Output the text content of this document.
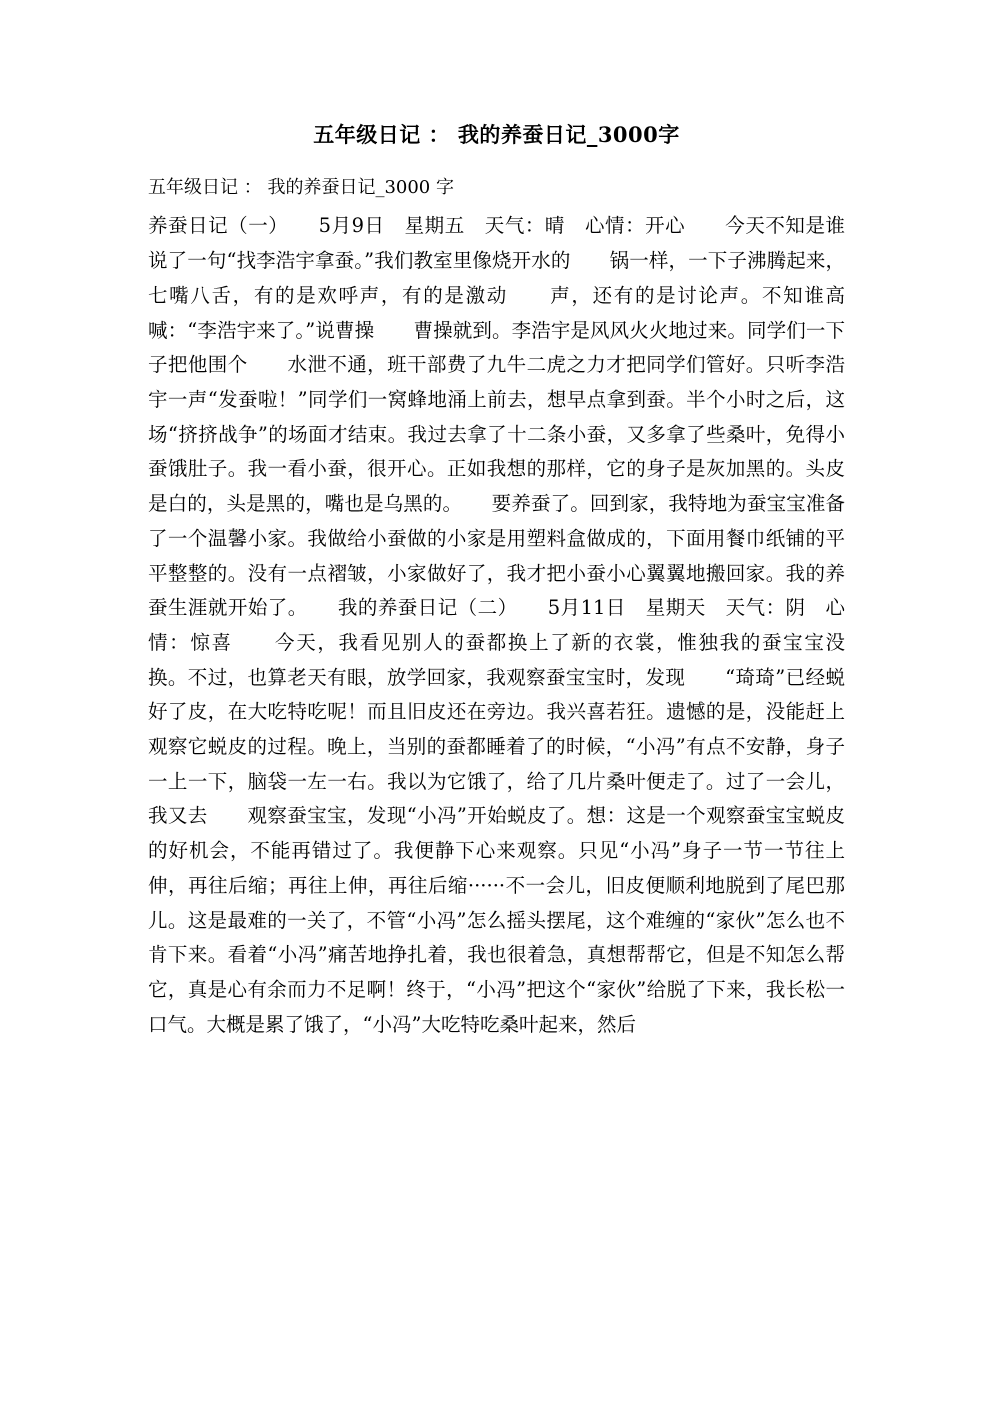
五年级日记 ： 我的养蚕日记_3000字

五年级日记 ： 我的养蚕日记_3000 字

养蚕日记（一）　　5月9日　星期五　天气：晴　心情：开心　　今天不知是谁说了一句“找李浩宇拿蚕。”我们教室里像烧开水的　　锅一样，一下子沸腾起来，七嘴八舌，有的是欢呼声，有的是激动　　声，还有的是讨论声。不知谁高喊：“李浩宇来了。”说曹操　　曹操就到。李浩宇是风风火火地过来。同学们一下子把他围个　　水泄不通，班干部费了九牛二虎之力才把同学们管好。只听李浩宇一声“发蚕啦！”同学们一窝蜂地涌上前去，想早点拿到蚕。半个小时之后，这场“挤挤战争”的场面才结束。我过去拿了十二条小蚕，又多拿了些桑叶，免得小蚕饿肚子。我一看小蚕，很开心。正如我想的那样，它的身子是灰加黑的。头皮是白的，头是黑的，嘴也是乌黑的。　　要养蚕了。回到家，我特地为蚕宝宝准备了一个温馨小家。我做给小蚕做的小家是用塑料盒做成的，下面用餐巾纸铺的平平整整的。没有一点褶皱，小家做好了，我才把小蚕小心翼翼地搬回家。我的养蚕生涯就开始了。　　我的养蚕日记（二）　　5月11日　星期天　天气：阴　心情：惊喜　　今天，我看见别人的蚕都换上了新的衣裳，惟独我的蚕宝宝没　　换。不过，也算老天有眼，放学回家，我观察蚕宝宝时，发现　　“琦琦”已经蜕好了皮，在大吃特吃呢！而且旧皮还在旁边。我兴喜若狂。遗憾的是，没能赶上观察它蜕皮的过程。晚上，当别的蚕都睡着了的时候，“小冯”有点不安静，身子一上一下，脑袋一左一右。我以为它饿了，给了几片桑叶便走了。过了一会儿，我又去　　观察蚕宝宝，发现“小冯”开始蜕皮了。想：这是一个观察蚕宝宝蜕皮的好机会，不能再错过了。我便静下心来观察。只见“小冯”身子一节一节往上伸，再往后缩；再往上伸，再往后缩······不一会儿，旧皮便顺利地脱到了尾巴那儿。这是最难的一关了，不管“小冯”怎么摇头摆尾，这个难缠的“家伙”怎么也不肯下来。看着“小冯”痛苦地挣扎着，我也很着急，真想帮帮它，但是不知怎么帮它，真是心有余而力不足啊！终于，“小冯”把这个“家伙”给脱了下来，我长松一口气。大概是累了饿了，“小冯”大吃特吃桑叶起来，然后
